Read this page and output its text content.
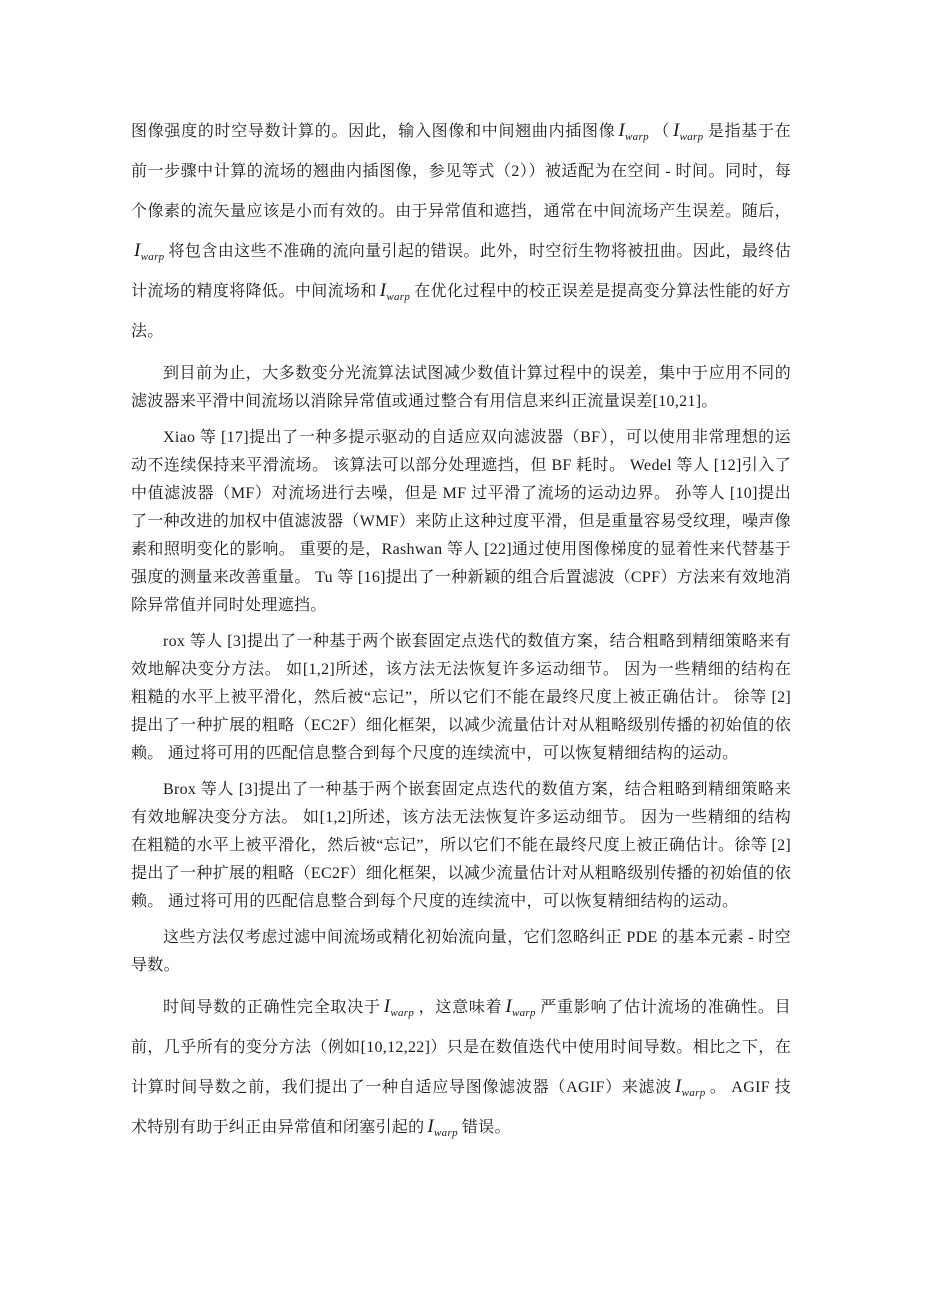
图像强度的时空导数计算的。因此，输入图像和中间翘曲内插图像 $I_{warp}$ （ $I_{warp}$ 是指基于在前一步骤中计算的流场的翘曲内插图像，参见等式（2））被适配为在空间 - 时间。同时，每个像素的流矢量应该是小而有效的。由于异常值和遮挡，通常在中间流场产生误差。随后，$I_{warp}$ 将包含由这些不准确的流向量引起的错误。此外，时空衍生物将被扭曲。因此，最终估计流场的精度将降低。中间流场和 $I_{warp}$ 在优化过程中的校正误差是提高变分算法性能的好方法。

到目前为止，大多数变分光流算法试图减少数值计算过程中的误差，集中于应用不同的滤波器来平滑中间流场以消除异常值或通过整合有用信息来纠正流量误差[10,21]。

Xiao 等 [17]提出了一种多提示驱动的自适应双向滤波器（BF），可以使用非常理想的运动不连续保持来平滑流场。 该算法可以部分处理遮挡，但 BF 耗时。 Wedel 等人 [12]引入了中值滤波器（MF）对流场进行去噪，但是 MF 过平滑了流场的运动边界。 孙等人 [10]提出了一种改进的加权中值滤波器（WMF）来防止这种过度平滑，但是重量容易受纹理，噪声像素和照明变化的影响。 重要的是，Rashwan 等人 [22]通过使用图像梯度的显着性来代替基于强度的测量来改善重量。 Tu 等 [16]提出了一种新颖的组合后置滤波（CPF）方法来有效地消除异常值并同时处理遮挡。

rox 等人 [3]提出了一种基于两个嵌套固定点迭代的数值方案，结合粗略到精细策略来有效地解决变分方法。 如[1,2]所述，该方法无法恢复许多运动细节。 因为一些精细的结构在粗糙的水平上被平滑化，然后被“忘记”，所以它们不能在最终尺度上被正确估计。 徐等 [2]提出了一种扩展的粗略（EC2F）细化框架，以减少流量估计对从粗略级别传播的初始值的依赖。 通过将可用的匹配信息整合到每个尺度的连续流中，可以恢复精细结构的运动。

Brox 等人 [3]提出了一种基于两个嵌套固定点迭代的数值方案，结合粗略到精细策略来有效地解决变分方法。 如[1,2]所述，该方法无法恢复许多运动细节。 因为一些精细的结构在粗糙的水平上被平滑化，然后被“忘记”，所以它们不能在最终尺度上被正确估计。徐等 [2]提出了一种扩展的粗略（EC2F）细化框架，以减少流量估计对从粗略级别传播的初始值的依赖。 通过将可用的匹配信息整合到每个尺度的连续流中，可以恢复精细结构的运动。

这些方法仅考虑过滤中间流场或精化初始流向量，它们忽略纠正 PDE 的基本元素 - 时空导数。

时间导数的正确性完全取决于 $I_{warp}$ ，这意味着 $I_{warp}$ 严重影响了估计流场的准确性。目前，几乎所有的变分方法（例如[10,12,22]）只是在数值迭代中使用时间导数。相比之下，在计算时间导数之前，我们提出了一种自适应导图像滤波器（AGIF）来滤波 $I_{warp}$ 。 AGIF 技术特别有助于纠正由异常值和闭塞引起的 $I_{warp}$ 错误。
